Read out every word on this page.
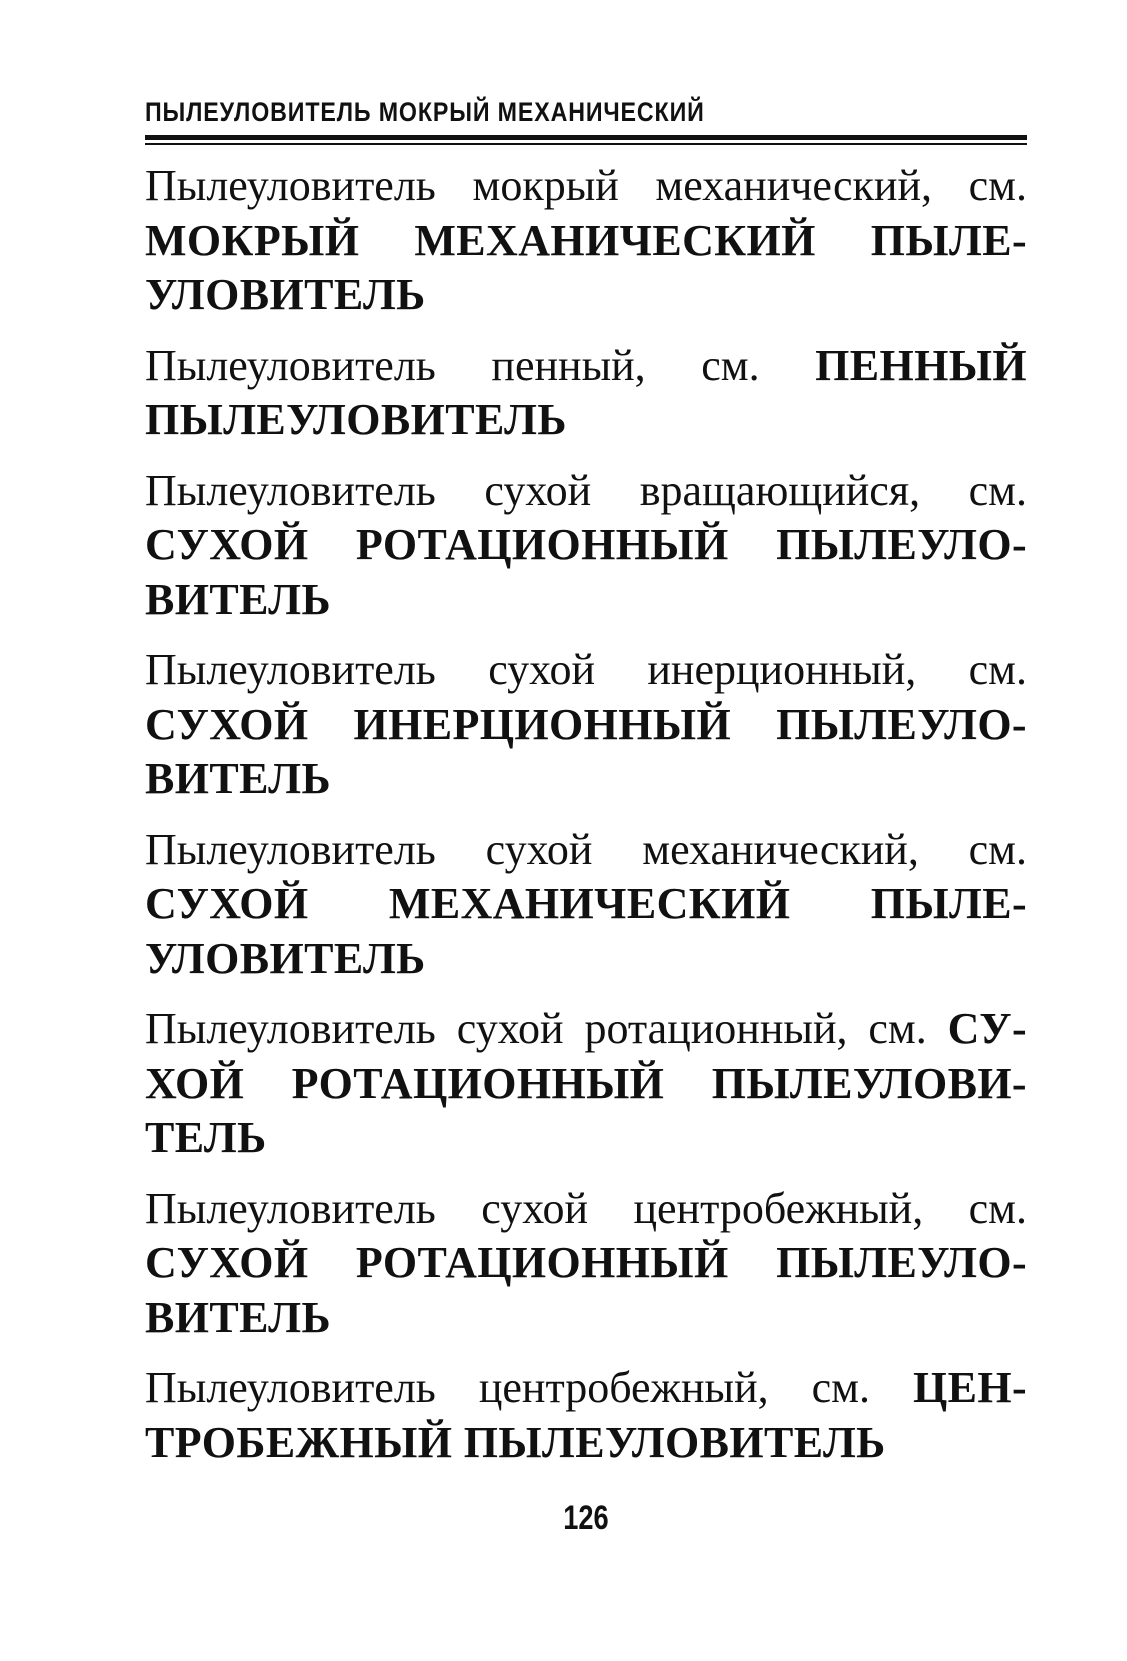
ПЫЛЕУЛОВИТЕЛЬ МОКРЫЙ МЕХАНИЧЕСКИЙ

Пылеуловитель мокрый механический, см. МОКРЫЙ МЕХАНИЧЕСКИЙ ПЫЛЕ-УЛОВИТЕЛЬ

Пылеуловитель пенный, см. ПЕННЫЙ ПЫЛЕУЛОВИТЕЛЬ

Пылеуловитель сухой вращающийся, см. СУХОЙ РОТАЦИОННЫЙ ПЫЛЕУЛО-ВИТЕЛЬ

Пылеуловитель сухой инерционный, см. СУХОЙ ИНЕРЦИОННЫЙ ПЫЛЕУЛО-ВИТЕЛЬ

Пылеуловитель сухой механический, см. СУХОЙ МЕХАНИЧЕСКИЙ ПЫЛЕ-УЛОВИТЕЛЬ

Пылеуловитель сухой ротационный, см. СУ-ХОЙ РОТАЦИОННЫЙ ПЫЛЕУЛОВИ-ТЕЛЬ

Пылеуловитель сухой центробежный, см. СУХОЙ РОТАЦИОННЫЙ ПЫЛЕУЛО-ВИТЕЛЬ

Пылеуловитель центробежный, см. ЦЕН-ТРОБЕЖНЫЙ ПЫЛЕУЛОВИТЕЛЬ

126
